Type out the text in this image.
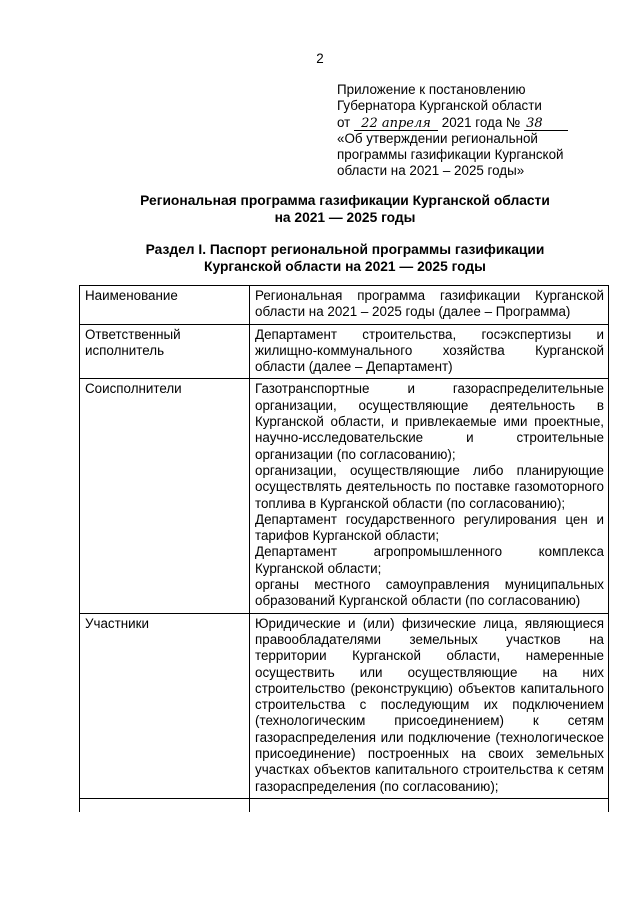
2
Приложение к постановлению
Губернатора Курганской области
от 22 апреля 2021 года № 38
«Об утверждении региональной
программы газификации Курганской
области на 2021 – 2025 годы»
Региональная программа газификации Курганской области
на 2021 — 2025 годы
Раздел I. Паспорт региональной программы газификации
Курганской области на 2021 — 2025 годы
Наименование	Региональная программа газификации Курганской области на 2021 – 2025 годы (далее – Программа)

Ответственный исполнитель	Департамент строительства, госэкспертизы и жилищно-коммунального хозяйства Курганской области (далее – Департамент)

Соисполнители	Газотранспортные и газораспределительные организации, осуществляющие деятельность в Курганской области, и привлекаемые ими проектные, научно-исследовательские и строительные организации (по согласованию);
организации, осуществляющие либо планирующие осуществлять деятельность по поставке газомоторного топлива в Курганской области (по согласованию);
Департамент государственного регулирования цен и тарифов Курганской области;
Департамент агропромышленного комплекса Курганской области;
органы местного самоуправления муниципальных образований Курганской области (по согласованию)

Участники	Юридические и (или) физические лица, являющиеся правообладателями земельных участков на территории Курганской области, намеренные осуществить или осуществляющие на них строительство (реконструкцию) объектов капитального строительства с последующим их подключением (технологическим присоединением) к сетям газораспределения или подключение (технологическое присоединение) построенных на своих земельных участках объектов капитального строительства к сетям газораспределения (по согласованию);
